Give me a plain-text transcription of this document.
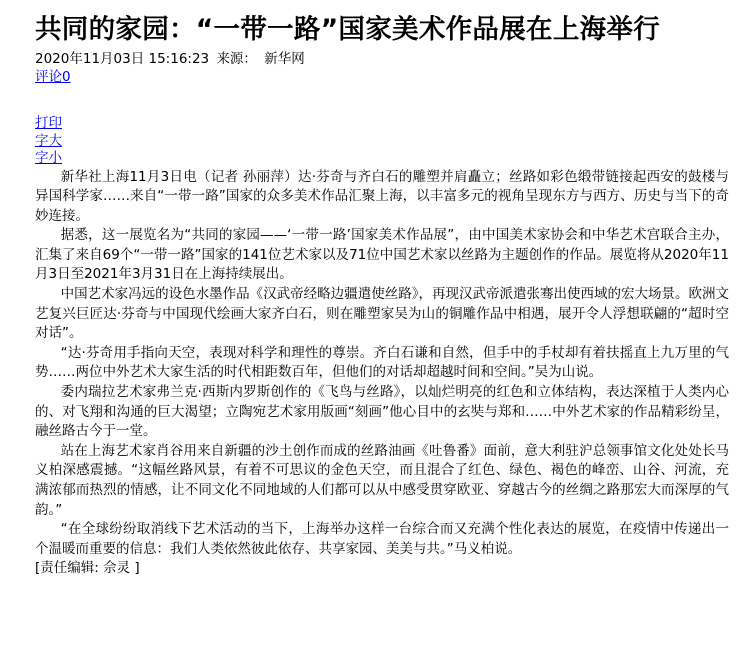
共同的家园：“一带一路”国家美术作品展在上海举行
2020年11月03日 15:16:23 来源： 新华网
评论0
打印
字大
字小

新华社上海11月3日电（记者 孙丽萍）达·芬奇与齐白石的雕塑并肩矗立；丝路如彩色缎带链接起西安的鼓楼与异国科学家……来自“一带一路”国家的众多美术作品汇聚上海，以丰富多元的视角呈现东方与西方、历史与当下的奇妙连接。

据悉，这一展览名为“共同的家园——‘一带一路’国家美术作品展”，由中国美术家协会和中华艺术宫联合主办，汇集了来自69个“一带一路”国家的141位艺术家以及71位中国艺术家以丝路为主题创作的作品。展览将从2020年11月3日至2021年3月31日在上海持续展出。

中国艺术家冯远的设色水墨作品《汉武帝经略边疆遣使丝路》，再现汉武帝派遣张骞出使西域的宏大场景。欧洲文艺复兴巨匠达·芬奇与中国现代绘画大家齐白石，则在雕塑家吴为山的铜雕作品中相遇，展开令人浮想联翩的“超时空对话”。

“达·芬奇用手指向天空，表现对科学和理性的尊崇。齐白石谦和自然，但手中的手杖却有着扶摇直上九万里的气势……两位中外艺术大家生活的时代相距数百年，但他们的对话却超越时间和空间。”吴为山说。

委内瑞拉艺术家弗兰克·西斯内罗斯创作的《飞鸟与丝路》，以灿烂明亮的红色和立体结构，表达深植于人类内心的、对飞翔和沟通的巨大渴望；立陶宛艺术家用版画“刻画”他心目中的玄奘与郑和……中外艺术家的作品精彩纷呈，融丝路古今于一堂。

站在上海艺术家肖谷用来自新疆的沙土创作而成的丝路油画《吐鲁番》面前，意大利驻沪总领事馆文化处处长马义柏深感震撼。“这幅丝路风景，有着不可思议的金色天空，而且混合了红色、绿色、褐色的峰峦、山谷、河流，充满浓郁而热烈的情感，让不同文化不同地域的人们都可以从中感受贯穿欧亚、穿越古今的丝绸之路那宏大而深厚的气韵。”

“在全球纷纷取消线下艺术活动的当下，上海举办这样一台综合而又充满个性化表达的展览，在疫情中传递出一个温暖而重要的信息：我们人类依然彼此依存、共享家园、美美与共。”马义柏说。

[责任编辑: 佘灵 ]
